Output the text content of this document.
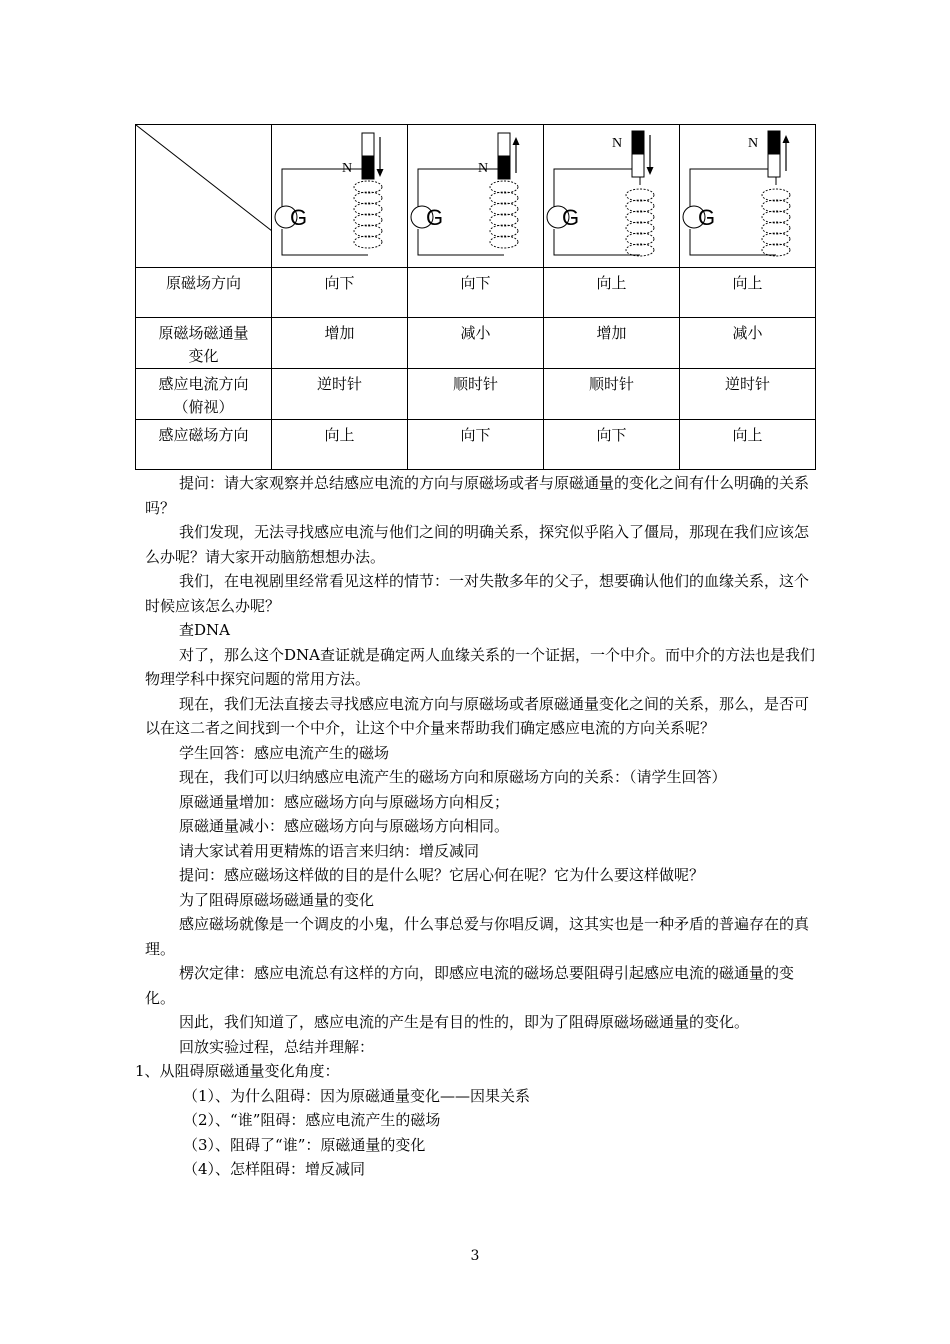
G
N	G
N	G
N	G
N

原磁场方向	向下	向下	向上	向上
原磁场磁通量
变化	增加	减小	增加	减小
感应电流方向
（俯视）	逆时针	顺时针	顺时针	逆时针
感应磁场方向	向上	向下	向下	向上

提问：请大家观察并总结感应电流的方向与原磁场或者与原磁通量的变化之间有什么明确的关系吗？

我们发现，无法寻找感应电流与他们之间的明确关系，探究似乎陷入了僵局，那现在我们应该怎么办呢？请大家开动脑筋想想办法。

我们，在电视剧里经常看见这样的情节：一对失散多年的父子，想要确认他们的血缘关系，这个时候应该怎么办呢？

查DNA

对了，那么这个DNA查证就是确定两人血缘关系的一个证据，一个中介。而中介的方法也是我们物理学科中探究问题的常用方法。

现在，我们无法直接去寻找感应电流方向与原磁场或者原磁通量变化之间的关系，那么，是否可以在这二者之间找到一个中介，让这个中介量来帮助我们确定感应电流的方向关系呢？

学生回答：感应电流产生的磁场

现在，我们可以归纳感应电流产生的磁场方向和原磁场方向的关系：（请学生回答）

原磁通量增加：感应磁场方向与原磁场方向相反；

原磁通量减小：感应磁场方向与原磁场方向相同。

请大家试着用更精炼的语言来归纳：增反减同

提问：感应磁场这样做的目的是什么呢？它居心何在呢？它为什么要这样做呢？

为了阻碍原磁场磁通量的变化

感应磁场就像是一个调皮的小鬼，什么事总爱与你唱反调，这其实也是一种矛盾的普遍存在的真理。

楞次定律：感应电流总有这样的方向，即感应电流的磁场总要阻碍引起感应电流的磁通量的变化。

因此，我们知道了，感应电流的产生是有目的性的，即为了阻碍原磁场磁通量的变化。

回放实验过程，总结并理解：

1、从阻碍原磁通量变化角度：

（1）、为什么阻碍：因为原磁通量变化——因果关系

（2）、“谁”阻碍：感应电流产生的磁场

（3）、阻碍了“谁”：原磁通量的变化

（4）、怎样阻碍：增反减同

3
